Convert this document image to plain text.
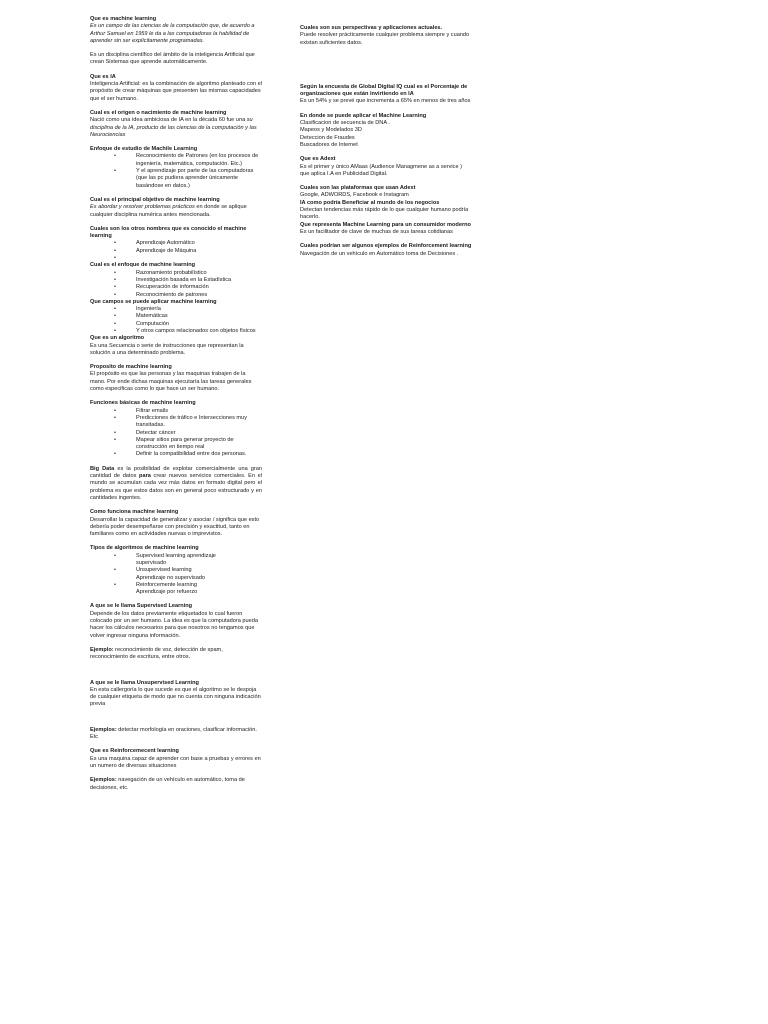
Que es machine learning
Es un campo de las ciencias de la computación que, de acuerdo a Arthur Samuel en 1959 le da a las computadoras la habilidad de aprender sin ser explícitamente programadas.
Es un disciplina científico del ámbito de la inteligencia Artificial que crean Sistemas que aprende automáticamente.
Que es IA
Inteligencia Artificial: es la combinación de algoritmo planteado con el propósito de crear máquinas que presenten las mismas capacidades que el ser humano.
Cual es el origen o nacimiento de machine learning
Nació como una idea ambiciosa de IA en la década 60 fue una su disciplina de la IA, producto de las ciencias de la computación y las Neurociencias
Enfoque de estudio de Machile Learning
• Reconocimiento de Patrones (en los procesos de ingeniería, matemática, computación. Etc.)
• Y el aprendizaje por parte de las computadoras (que las pc pudiera aprender únicamente basándose en datos.)
Cual es el principal objetivo de machine learning
Es abordar y resolver problemas prácticos en donde se aplique cualquier disciplina numérica antes mencionada.
Cuales son los otros nombres que es conocido el machine learning
• Aprendizaje Automático
• Aprendizaje de Máquina
•
Cual es el enfoque de machine learning
• Razonamiento probabilístico
• Investigación basada en la Estadística
• Recuperación de información
• Reconocimiento de patrones
Que campos se puede aplicar machine learning
• Ingeniería
• Matemáticas
• Computación
• Y otros campos relacionados con objetos físicos
Que es un algoritmo
Es una Secuencia o serie de instrucciones que representan la solución a una determinado problema.
Proposito de machine learning
El propósito es que las personas y las maquinas trabajen de la mano. Por ende dichas maquinas ejecutaría las tareas generales como especificas como lo que hace un ser humano.
Funciones básicas de machine learning
• Filtrar emails
• Predicciones de tráfico e Intersecciones muy transitadas.
• Detectar cáncer
• Mapear sitios para generar proyecto de construcción en tiempo real
• Definir la compatibilidad entre dos personas.
Big Data es la posibilidad de explotar comercialmente una gran cantidad de datos para crear nuevos servicios comerciales. En el mundo se acumulan cada vez más datos en formato digital pero el problema es que estos datos son en general poco estructurado y en cantidades ingentes.
Como funciona machine learning
Desarrollar la capacidad de generalizar y asociar / significa que esto debería poder desempeñarse con precisión y exactitud, tanto en familiares como en actividades nuevas o imprevistos.
Tipos de algoritmos de machine learning
• Supervised learning aprendizaje
supervisado
• Unsupervised learning
Aprendizaje no supervisado
• Reinforcemente learning
Aprendizaje por refuerzo
A que se le llama Supervised Learning
Depende de los datos previamente etiquetados lo cual fueron colocado por un ser humano. La idea es que la computadora pueda hacer los cálculos necesarios para que nosotros no tengamos que volver ingresar ninguna información.
Ejemplo: reconocimiento de voz, detección de spam, reconocimiento de escritura, entre otros.
A que se le llama Unsupervised Learning
En esta callergoría lo que sucede es que el algoritmo se le despoja de cualquier etiqueta de modo que no cuenta con ninguna indicación previa
Ejemplos: detectar morfología en oraciones, clasificar información. Etc
Que es Reinforcemecent learning
Es una maquina capaz de aprender con base a pruebas y errores en un numero de diversas situaciones
Ejemplos: navegación de un vehículo en automático, toma de decisiones, etc.
Cuales son sus perspectivas y aplicaciones actuales.
Puede resolver prácticamente cualquier problema siempre y cuando existan suficientes datos.
Según la encuesta de Global Digital IQ cual es el Porcentaje de organizaciones que están invirtiendo en IA
Es un 54% y se prevé que incrementa a 65% en menos de tres años
En donde se puede aplicar el Machine Learning
Clasificacion de secuencia de DNA .
Mapeos y Modelados 3D
Deteccion de Fraudes
Buscadores de Internet
Que es Adext
Es el primer y único AMaas (Audience Managmene as a service ) que aplica I.A en Publicidad Digital.
Cuales son las plataformas que usan Adext
Google, ADWORDS, Facebook e Instagram
IA como podría Beneficiar al mundo de los negocios
Detectan tendencias más rápido de lo que cualquier humano podría hacerlo.
Que representa Machine Learning para un consumidor moderno
Es un facilitador de clave de muchas de sus tareas cotidianas
Cuales podrían ser algunos ejemplos de Reinforcement learning
Navegación de un vehículo en Automático toma de Decisiones .
